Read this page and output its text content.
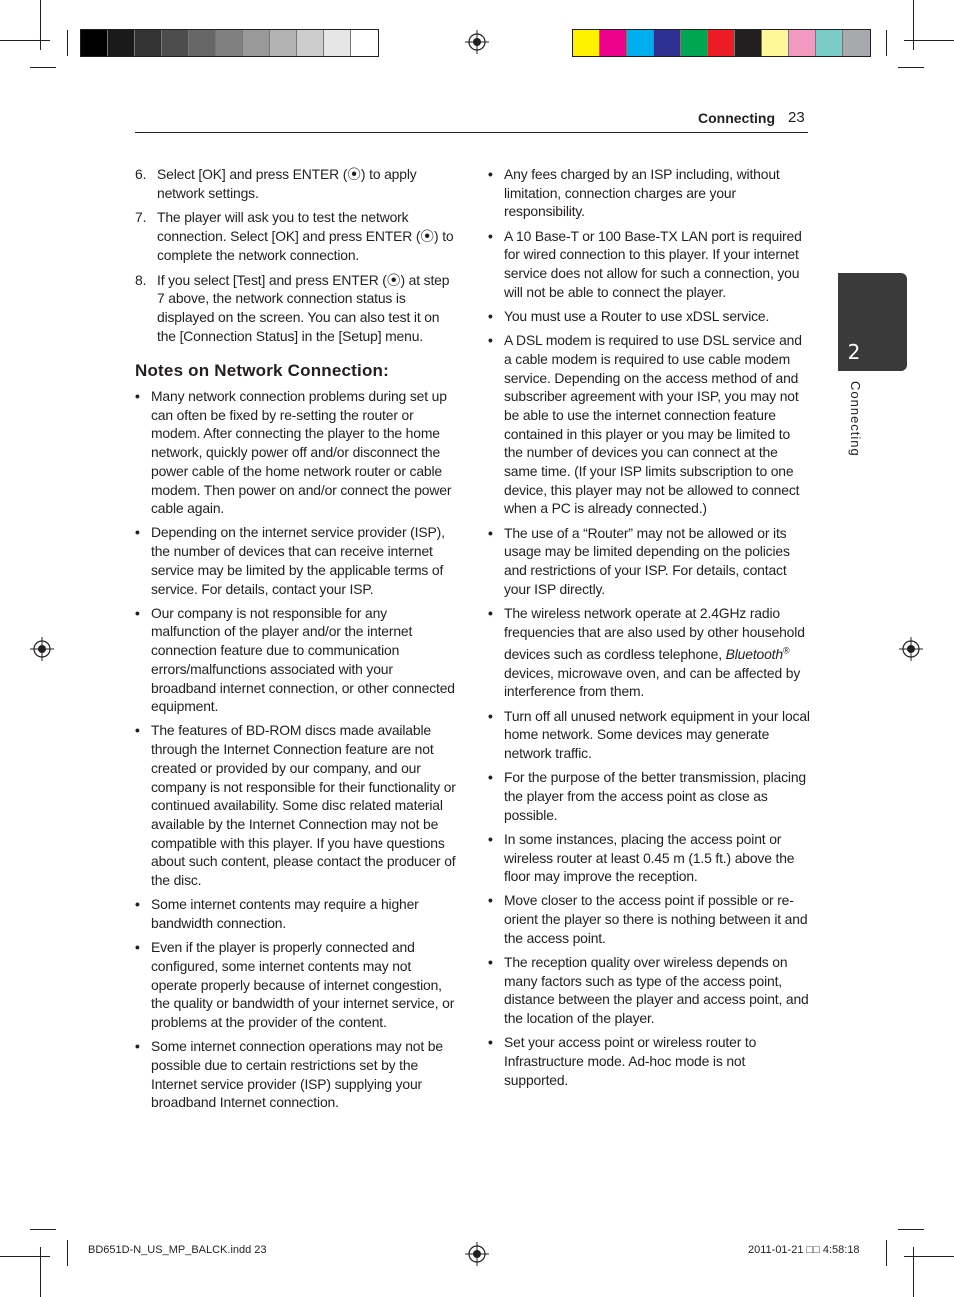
Connecting 23
2
Connecting
6. Select [OK] and press ENTER (⦿) to apply network settings.
7. The player will ask you to test the network connection. Select [OK] and press ENTER (⦿) to complete the network connection.
8. If you select [Test] and press ENTER (⦿) at step 7 above, the network connection status is displayed on the screen. You can also test it on the [Connection Status] in the [Setup] menu.
Notes on Network Connection:
• Many network connection problems during set up can often be fixed by re-setting the router or modem. After connecting the player to the home network, quickly power off and/or disconnect the power cable of the home network router or cable modem. Then power on and/or connect the power cable again.
• Depending on the internet service provider (ISP), the number of devices that can receive internet service may be limited by the applicable terms of service. For details, contact your ISP.
• Our company is not responsible for any malfunction of the player and/or the internet connection feature due to communication errors/malfunctions associated with your broadband internet connection, or other connected equipment.
• The features of BD-ROM discs made available through the Internet Connection feature are not created or provided by our company, and our company is not responsible for their functionality or continued availability. Some disc related material available by the Internet Connection may not be compatible with this player. If you have questions about such content, please contact the producer of the disc.
• Some internet contents may require a higher bandwidth connection.
• Even if the player is properly connected and configured, some internet contents may not operate properly because of internet congestion, the quality or bandwidth of your internet service, or problems at the provider of the content.
• Some internet connection operations may not be possible due to certain restrictions set by the Internet service provider (ISP) supplying your broadband Internet connection.
• Any fees charged by an ISP including, without limitation, connection charges are your responsibility.
• A 10 Base-T or 100 Base-TX LAN port is required for wired connection to this player. If your internet service does not allow for such a connection, you will not be able to connect the player.
• You must use a Router to use xDSL service.
• A DSL modem is required to use DSL service and a cable modem is required to use cable modem service. Depending on the access method of and subscriber agreement with your ISP, you may not be able to use the internet connection feature contained in this player or you may be limited to the number of devices you can connect at the same time. (If your ISP limits subscription to one device, this player may not be allowed to connect when a PC is already connected.)
• The use of a “Router” may not be allowed or its usage may be limited depending on the policies and restrictions of your ISP. For details, contact your ISP directly.
• The wireless network operate at 2.4GHz radio frequencies that are also used by other household devices such as cordless telephone, Bluetooth® devices, microwave oven, and can be affected by interference from them.
• Turn off all unused network equipment in your local home network. Some devices may generate network traffic.
• For the purpose of the better transmission, placing the player from the access point as close as possible.
• In some instances, placing the access point or wireless router at least 0.45 m (1.5 ft.) above the floor may improve the reception.
• Move closer to the access point if possible or re-orient the player so there is nothing between it and the access point.
• The reception quality over wireless depends on many factors such as type of the access point, distance between the player and access point, and the location of the player.
• Set your access point or wireless router to Infrastructure mode. Ad-hoc mode is not supported.
BD651D-N_US_MP_BALCK.indd 23	2011-01-21 □□ 4:58:18
